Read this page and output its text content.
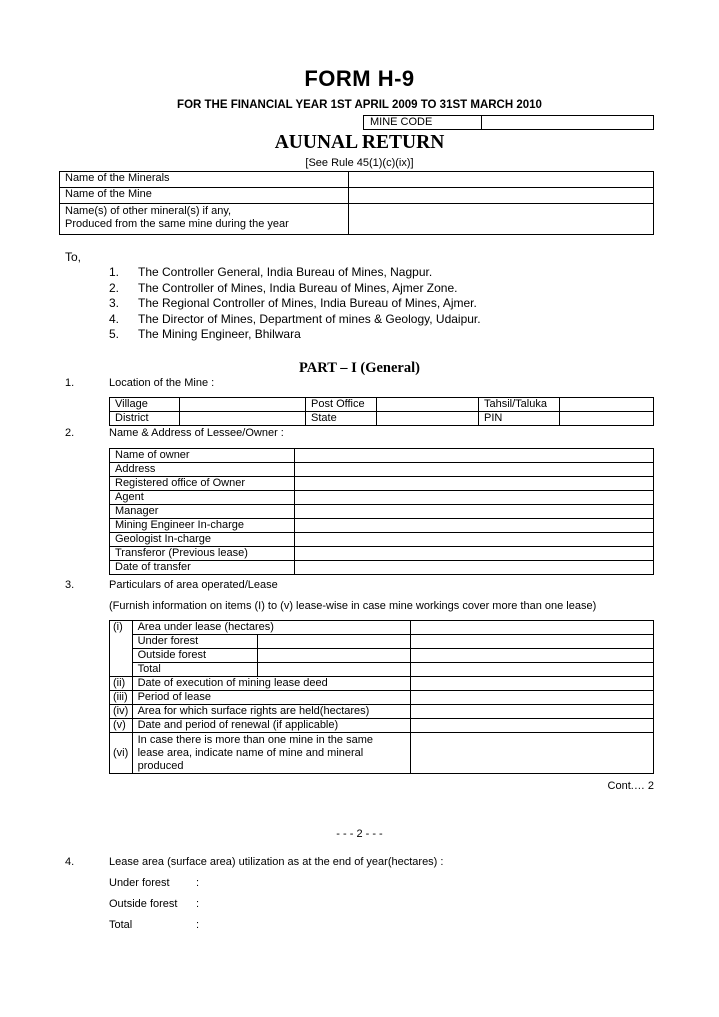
FORM H-9
FOR THE FINANCIAL YEAR 1ST APRIL 2009 TO 31ST MARCH 2010
MINE CODE	
AUUNAL RETURN
[See Rule 45(1)(c)(ix)]
Name of the Minerals	
Name of the Mine	

Name(s) of other mineral(s) if any,
Produced from the same mine during the year	

To,
1.	The Controller General, India Bureau of Mines, Nagpur.
2.	The Controller of Mines, India Bureau of Mines, Ajmer Zone.
3.	The Regional Controller of Mines, India Bureau of Mines, Ajmer.
4.	The Director of Mines, Department of mines & Geology, Udaipur.
5.	The Mining Engineer, Bhilwara
PART – I (General)
1.	Location of the Mine :
Village		Post Office		Tahsil/Taluka	
District		State		PIN	
2.	Name & Address of Lessee/Owner :
Name of owner	
Address	
Registered office of Owner	
Agent	
Manager	
Mining Engineer In-charge	
Geologist In-charge	
Transferor (Previous lease)	
Date of transfer	
3.	Particulars of area operated/Lease
(Furnish information on items (I) to (v) lease-wise in case mine workings cover more than one lease)
(i)	Area under lease (hectares)		
	Under forest		
	Outside forest		
	Total		
(ii)	Date of execution of mining lease deed		
(iii)	Period of lease		
(iv)	Area for which surface rights are held(hectares)		
(v)	Date and period of renewal (if applicable)		
(vi)	In case there is more than one mine in the same
lease area, indicate name of mine and mineral
produced		

Cont.… 2
- - - 2 - - -
4.	Lease area (surface area) utilization as at the end of year(hectares) :
Under forest :
Outside forest :
Total	:
